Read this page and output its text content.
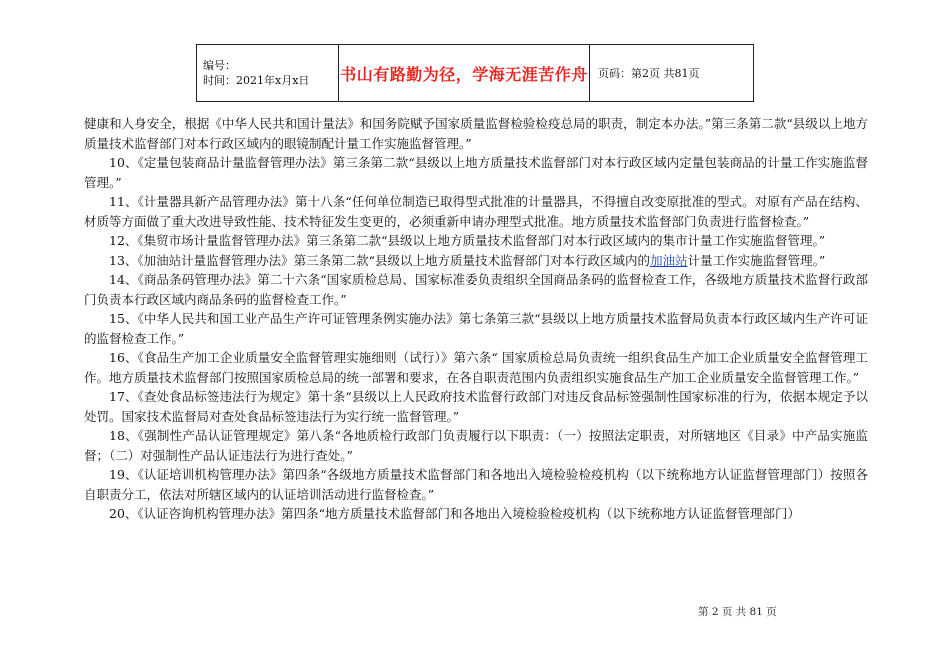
编号：
时间：2021年x月x日	书山有路勤为径，学海无涯苦作舟	页码：第2页 共81页

健康和人身安全，根据《中华人民共和国计量法》和国务院赋予国家质量监督检验检疫总局的职责，制定本办法。”第三条第二款“县级以上地方质量技术监督部门对本行政区域内的眼镜制配计量工作实施监督管理。”

10、《定量包装商品计量监督管理办法》第三条第二款“县级以上地方质量技术监督部门对本行政区域内定量包装商品的计量工作实施监督管理。”

11、《计量器具新产品管理办法》第十八条“任何单位制造已取得型式批准的计量器具，不得擅自改变原批准的型式。对原有产品在结构、材质等方面做了重大改进导致性能、技术特征发生变更的，必须重新申请办理型式批准。地方质量技术监督部门负责进行监督检查。”

12、《集贸市场计量监督管理办法》第三条第二款“县级以上地方质量技术监督部门对本行政区域内的集市计量工作实施监督管理。”

13、《加油站计量监督管理办法》第三条第二款“县级以上地方质量技术监督部门对本行政区域内的加油站计量工作实施监督管理。”

14、《商品条码管理办法》第二十六条“国家质检总局、国家标准委负责组织全国商品条码的监督检查工作，各级地方质量技术监督行政部门负责本行政区域内商品条码的监督检查工作。”

15、《中华人民共和国工业产品生产许可证管理条例实施办法》第七条第三款“县级以上地方质量技术监督局负责本行政区域内生产许可证的监督检查工作。”

16、《食品生产加工企业质量安全监督管理实施细则（试行）》第六条“ 国家质检总局负责统一组织食品生产加工企业质量安全监督管理工作。地方质量技术监督部门按照国家质检总局的统一部署和要求，在各自职责范围内负责组织实施食品生产加工企业质量安全监督管理工作。”

17、《查处食品标签违法行为规定》第十条“县级以上人民政府技术监督行政部门对违反食品标签强制性国家标准的行为，依据本规定予以处罚。国家技术监督局对查处食品标签违法行为实行统一监督管理。”

18、《强制性产品认证管理规定》第八条“各地质检行政部门负责履行以下职责：（一）按照法定职责，对所辖地区《目录》中产品实施监督；（二）对强制性产品认证违法行为进行查处。”

19、《认证培训机构管理办法》第四条“各级地方质量技术监督部门和各地出入境检验检疫机构（以下统称地方认证监督管理部门）按照各自职责分工，依法对所辖区域内的认证培训活动进行监督检查。”

20、《认证咨询机构管理办法》第四条“地方质量技术监督部门和各地出入境检验检疫机构（以下统称地方认证监督管理部门）

第 2 页 共 81 页
